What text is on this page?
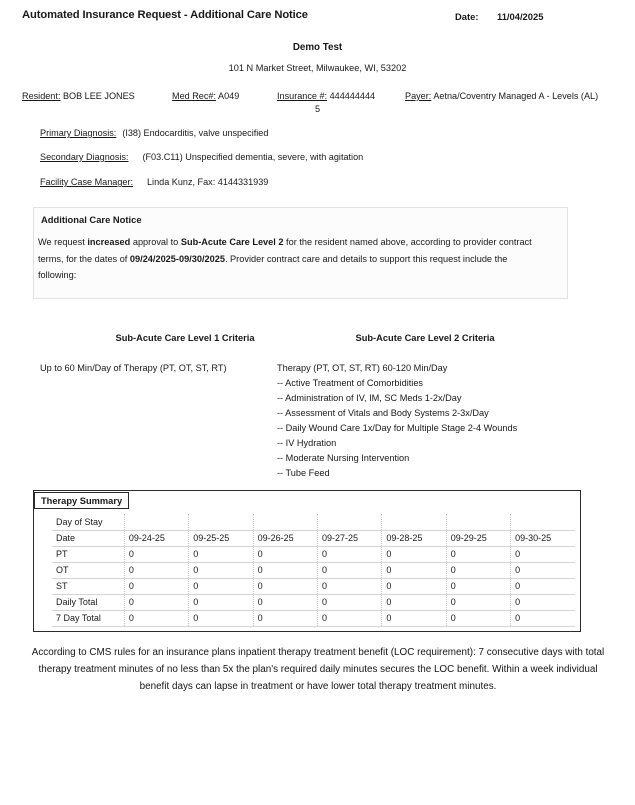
Automated Insurance Request - Additional Care Notice	Date: 11/04/2025
Demo Test
101 N Market Street, Milwaukee, WI, 53202
Resident: BOB LEE JONES	Med Rec#: A049	Insurance #: 444444444	Payer: Aetna/Coventry Managed A - Levels (AL)
5
Primary Diagnosis: (I38) Endocarditis, valve unspecified
Secondary Diagnosis: (F03.C11) Unspecified dementia, severe, with agitation
Facility Case Manager: Linda Kunz, Fax: 4144331939
Additional Care Notice
We request increased approval to Sub-Acute Care Level 2 for the resident named above, according to provider contract terms, for the dates of 09/24/2025-09/30/2025. Provider contract care and details to support this request include the following:
Sub-Acute Care Level 1 Criteria	Sub-Acute Care Level 2 Criteria
Up to 60 Min/Day of Therapy (PT, OT, ST, RT)	Therapy (PT, OT, ST, RT) 60-120 Min/Day
-- Active Treatment of Comorbidities
-- Administration of IV, IM, SC Meds 1-2x/Day
-- Assessment of Vitals and Body Systems 2-3x/Day
-- Daily Wound Care 1x/Day for Multiple Stage 2-4 Wounds
-- IV Hydration
-- Moderate Nursing Intervention
-- Tube Feed
Therapy Summary
Day of Stay							
Date	09-24-25	09-25-25	09-26-25	09-27-25	09-28-25	09-29-25	09-30-25
PT	0	0	0	0	0	0	0
OT	0	0	0	0	0	0	0
ST	0	0	0	0	0	0	0
Daily Total	0	0	0	0	0	0	0
7 Day Total	0	0	0	0	0	0	0
According to CMS rules for an insurance plans inpatient therapy treatment benefit (LOC requirement): 7 consecutive days with total therapy treatment minutes of no less than 5x the plan's required daily minutes secures the LOC benefit. Within a week individual benefit days can lapse in treatment or have lower total therapy treatment minutes.
